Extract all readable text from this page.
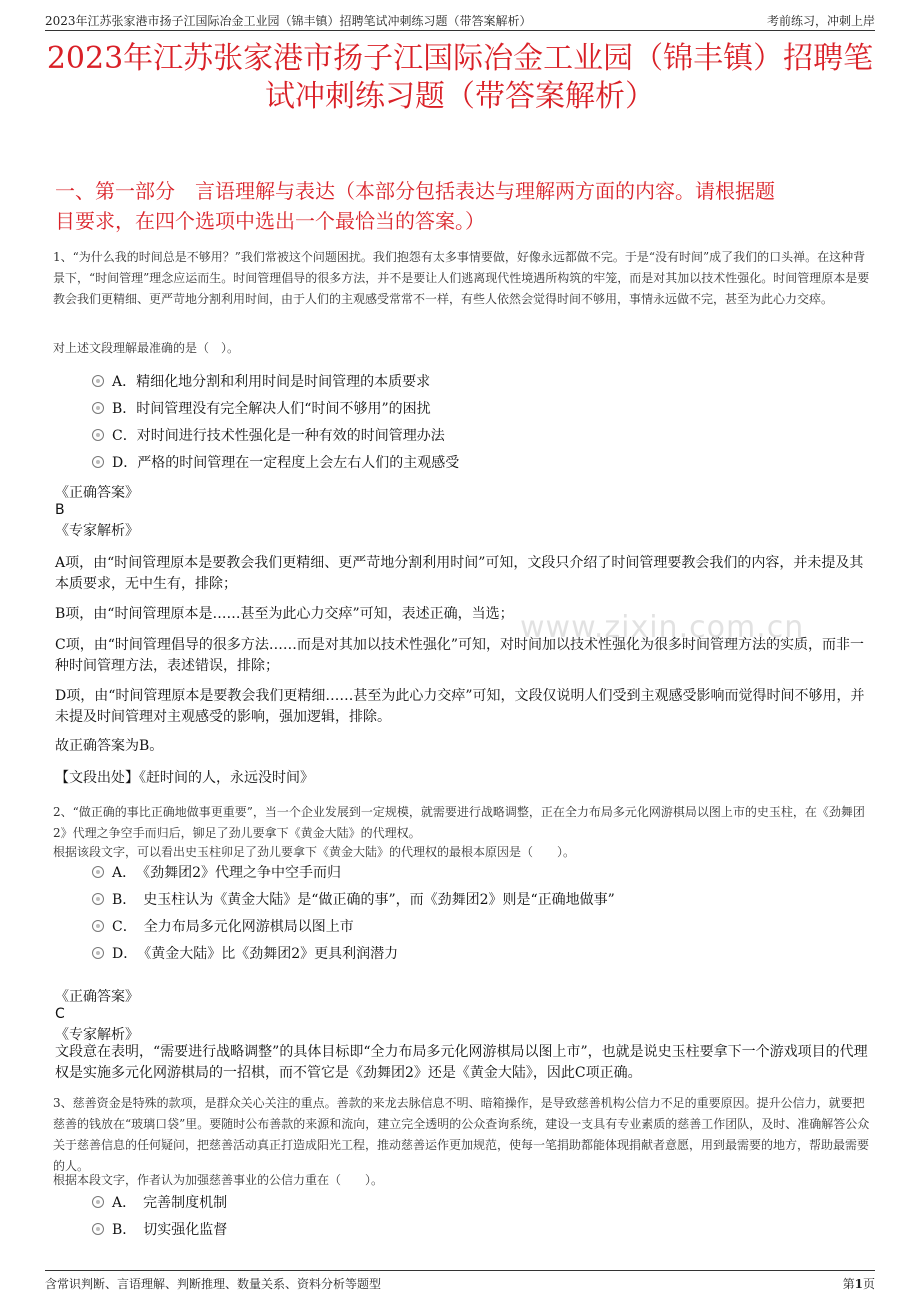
2023年江苏张家港市扬子江国际冶金工业园（锦丰镇）招聘笔试冲刺练习题（带答案解析）	考前练习，冲刺上岸
2023年江苏张家港市扬子江国际冶金工业园（锦丰镇）招聘笔
试冲刺练习题（带答案解析）
一、第一部分　言语理解与表达（本部分包括表达与理解两方面的内容。请根据题
目要求，在四个选项中选出一个最恰当的答案。）
1、“为什么我的时间总是不够用？”我们常被这个问题困扰。我们抱怨有太多事情要做，好像永远都做不完。于是“没有时间”成了我们的口头禅。在这种背景下，“时间管理”理念应运而生。时间管理倡导的很多方法，并不是要让人们逃离现代性境遇所构筑的牢笼，而是对其加以技术性强化。时间管理原本是要教会我们更精细、更严苛地分割利用时间，由于人们的主观感受常常不一样，有些人依然会觉得时间不够用，事情永远做不完，甚至为此心力交瘁。
对上述文段理解最准确的是（　）。
A．精细化地分割和利用时间是时间管理的本质要求
B．时间管理没有完全解决人们“时间不够用”的困扰
C．对时间进行技术性强化是一种有效的时间管理办法
D．严格的时间管理在一定程度上会左右人们的主观感受
《正确答案》
B
《专家解析》
A项，由“时间管理原本是要教会我们更精细、更严苛地分割利用时间”可知，文段只介绍了时间管理要教会我们的内容，并未提及其本质要求，无中生有，排除；
B项，由“时间管理原本是……甚至为此心力交瘁”可知，表述正确，当选；
C项，由“时间管理倡导的很多方法……而是对其加以技术性强化”可知，对时间加以技术性强化为很多时间管理方法的实质，而非一种时间管理方法，表述错误，排除；
D项，由“时间管理原本是要教会我们更精细……甚至为此心力交瘁”可知，文段仅说明人们受到主观感受影响而觉得时间不够用，并未提及时间管理对主观感受的影响，强加逻辑，排除。
故正确答案为B。
【文段出处】《赶时间的人，永远没时间》
www.zixin.com.cn
2、“做正确的事比正确地做事更重要”，当一个企业发展到一定规模，就需要进行战略调整，正在全力布局多元化网游棋局以图上市的史玉柱，在《劲舞团2》代理之争空手而归后，铆足了劲儿要拿下《黄金大陆》的代理权。
根据该段文字，可以看出史玉柱卯足了劲儿要拿下《黄金大陆》的代理权的最根本原因是（　　）。
A．　《劲舞团2》代理之争中空手而归
B．　史玉柱认为《黄金大陆》是“做正确的事”，而《劲舞团2》则是“正确地做事”
C．　全力布局多元化网游棋局以图上市
D．　《黄金大陆》比《劲舞团2》更具利润潜力
《正确答案》
C
《专家解析》
文段意在表明，“需要进行战略调整”的具体目标即“全力布局多元化网游棋局以图上市”，也就是说史玉柱要拿下一个游戏项目的代理权是实施多元化网游棋局的一招棋，而不管它是《劲舞团2》还是《黄金大陆》，因此C项正确。
3、慈善资金是特殊的款项，是群众关心关注的重点。善款的来龙去脉信息不明、暗箱操作，是导致慈善机构公信力不足的重要原因。提升公信力，就要把慈善的钱放在“玻璃口袋”里。要随时公布善款的来源和流向，建立完全透明的公众查询系统，建设一支具有专业素质的慈善工作团队，及时、准确解答公众关于慈善信息的任何疑问，把慈善活动真正打造成阳光工程，推动慈善运作更加规范，使每一笔捐助都能体现捐献者意愿，用到最需要的地方，帮助最需要的人。
根据本段文字，作者认为加强慈善事业的公信力重在（　　）。
A．　完善制度机制
B．　切实强化监督
含常识判断、言语理解、判断推理、数量关系、资料分析等题型	第1页
